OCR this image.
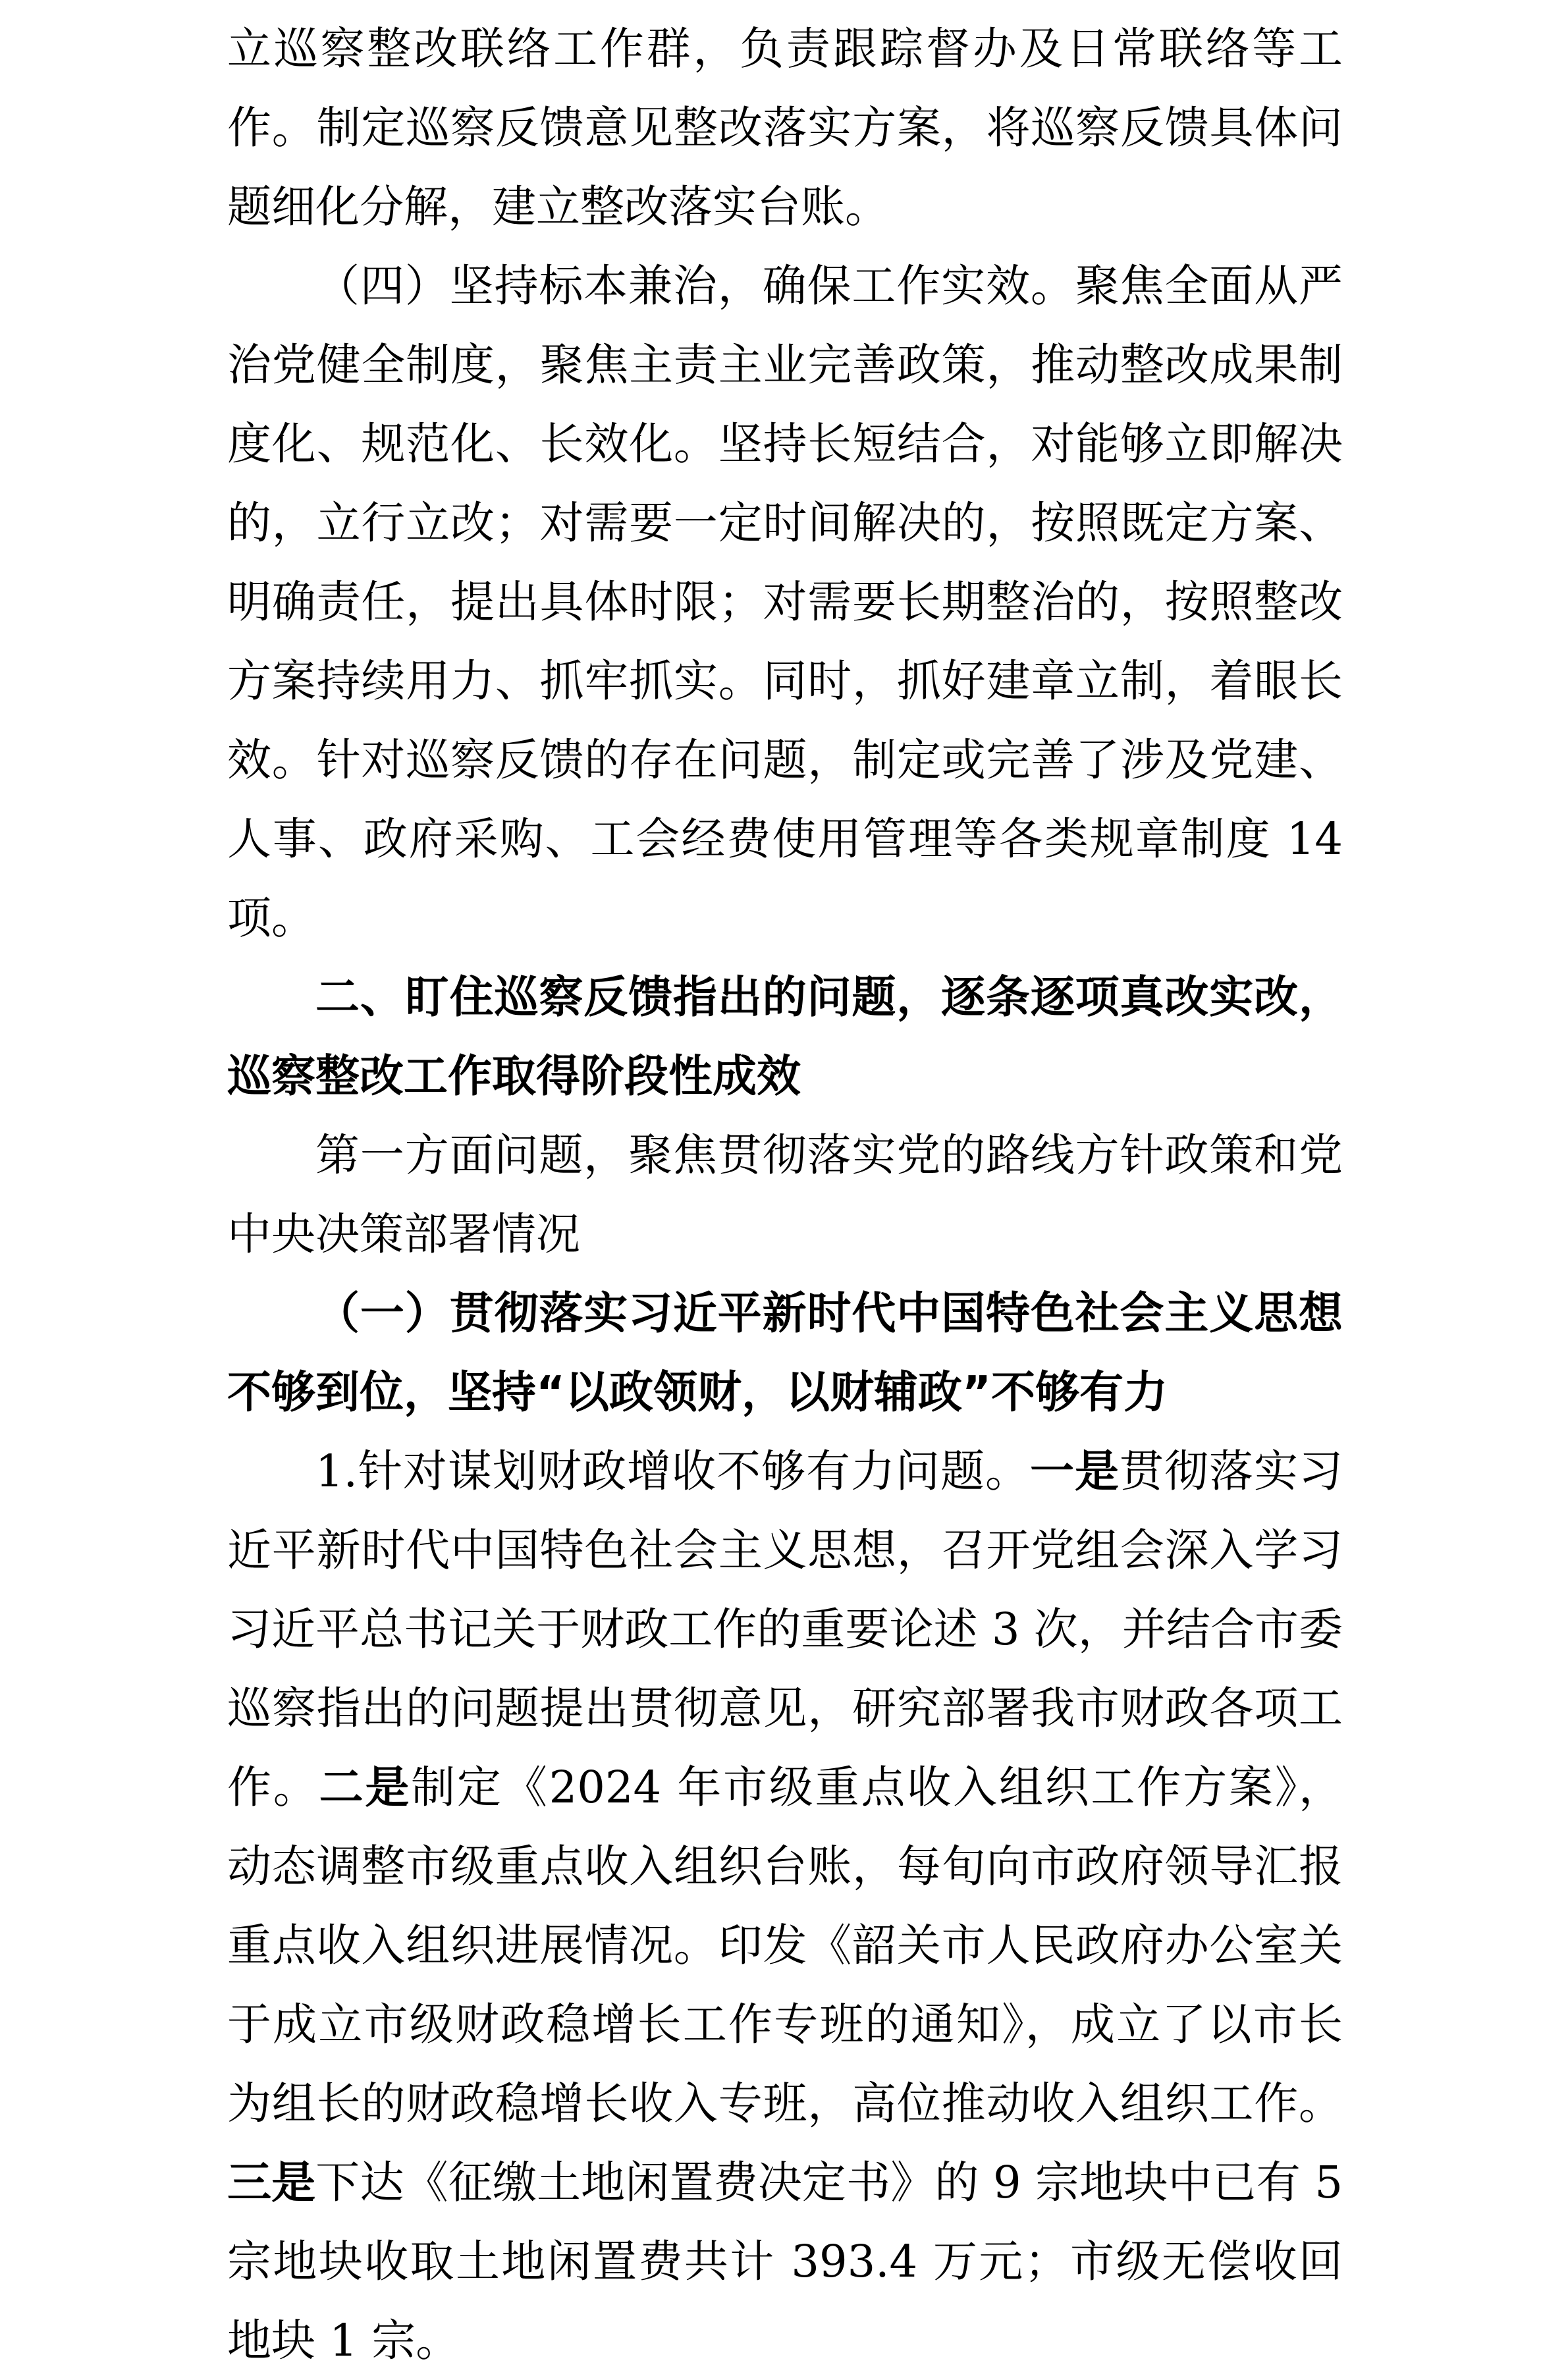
立巡察整改联络工作群，负责跟踪督办及日常联络等工作。制定巡察反馈意见整改落实方案，将巡察反馈具体问题细化分解，建立整改落实台账。

（四）坚持标本兼治，确保工作实效。聚焦全面从严治党健全制度，聚焦主责主业完善政策，推动整改成果制度化、规范化、长效化。坚持长短结合，对能够立即解决的，立行立改；对需要一定时间解决的，按照既定方案、明确责任，提出具体时限；对需要长期整治的，按照整改方案持续用力、抓牢抓实。同时，抓好建章立制，着眼长效。针对巡察反馈的存在问题，制定或完善了涉及党建、人事、政府采购、工会经费使用管理等各类规章制度 14 项。

二、盯住巡察反馈指出的问题，逐条逐项真改实改，巡察整改工作取得阶段性成效

第一方面问题，聚焦贯彻落实党的路线方针政策和党中央决策部署情况

（一）贯彻落实习近平新时代中国特色社会主义思想不够到位，坚持“以政领财，以财辅政”不够有力

1.针对谋划财政增收不够有力问题。一是贯彻落实习近平新时代中国特色社会主义思想，召开党组会深入学习习近平总书记关于财政工作的重要论述 3 次，并结合市委巡察指出的问题提出贯彻意见，研究部署我市财政各项工作。二是制定《2024 年市级重点收入组织工作方案》，动态调整市级重点收入组织台账，每旬向市政府领导汇报重点收入组织进展情况。印发《韶关市人民政府办公室关于成立市级财政稳增长工作专班的通知》，成立了以市长为组长的财政稳增长收入专班，高位推动收入组织工作。三是下达《征缴土地闲置费决定书》的 9 宗地块中已有 5 宗地块收取土地闲置费共计 393.4 万元；市级无偿收回地块 1 宗。
